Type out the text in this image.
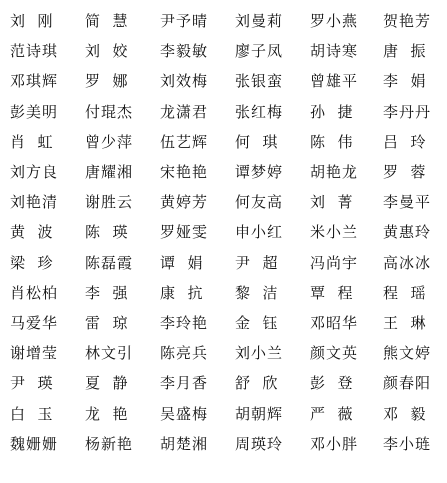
刘  刚 简  慧 尹予晴 刘曼莉 罗小燕 贺艳芳
范诗琪 刘  姣 李毅敏 廖子凤 胡诗寒 唐  振
邓琪辉 罗  娜 刘效梅 张银蛮 曾雄平 李  娟
彭美明 付琨杰 龙潇君 张红梅 孙  捷 李丹丹
肖  虹 曾少萍 伍艺辉 何  琪 陈  伟 吕  玲
刘方良 唐耀湘 宋艳艳 谭梦婷 胡艳龙 罗  蓉
刘艳清 谢胜云 黄婷芳 何友高 刘  菁 李曼平
黄  波 陈  瑛 罗娅雯 申小红 米小兰 黄惠玲
梁  珍 陈磊霞 谭  娟 尹  超 冯尚宇 高冰冰
肖松柏 李  强 康  抗 黎  洁 覃  程 程  瑶
马爱华 雷  琼 李玲艳 金  钰 邓昭华 王  琳
谢增莹 林文引 陈亮兵 刘小兰 颜文英 熊文婷
尹  瑛 夏  静 李月香 舒  欣 彭  登 颜春阳
白  玉 龙  艳 吴盛梅 胡朝辉 严  薇 邓  毅
魏姗姗 杨新艳 胡楚湘 周瑛玲 邓小胖 李小琏
